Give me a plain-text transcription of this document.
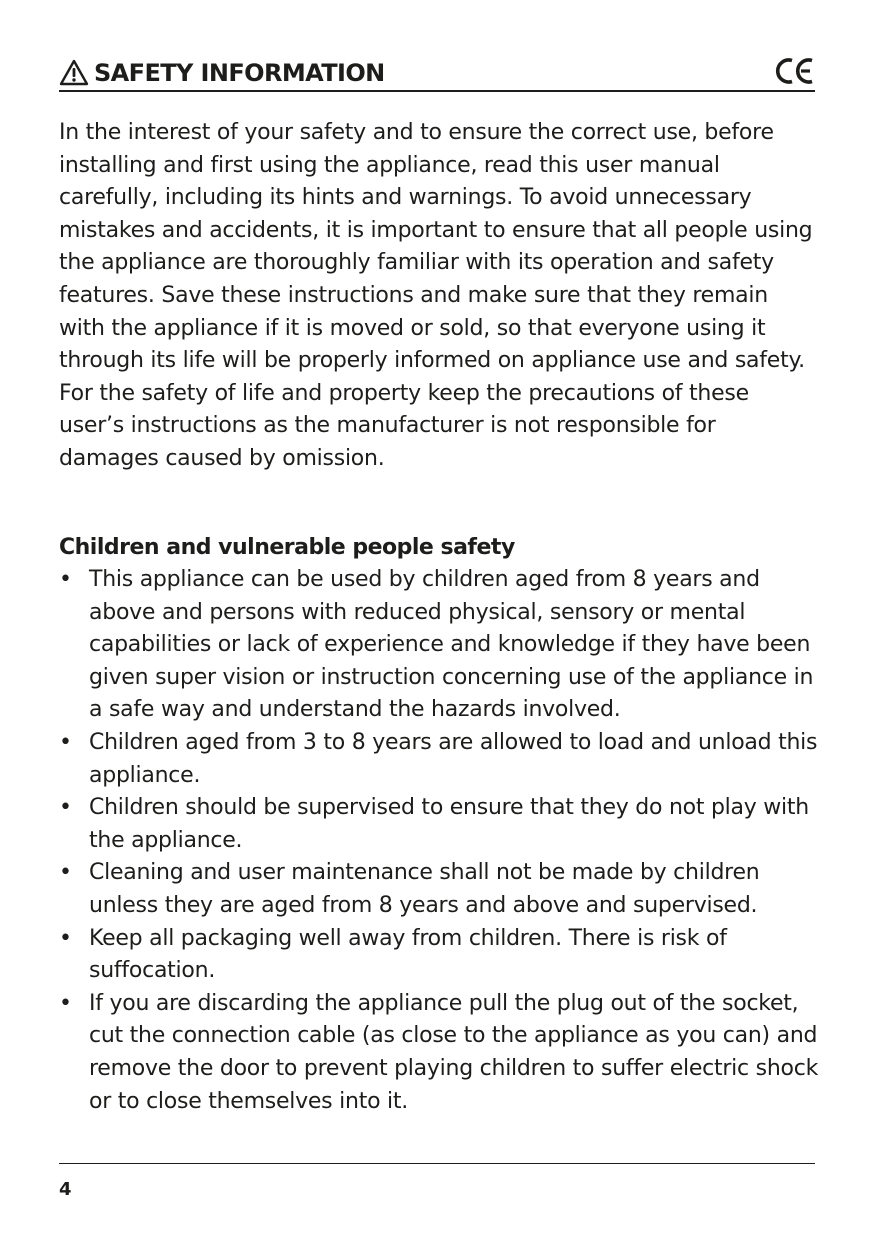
SAFETY INFORMATION

In the interest of your safety and to ensure the correct use, before installing and first using the appliance, read this user manual carefully, including its hints and warnings. To avoid unnecessary mistakes and accidents, it is important to ensure that all people using the appliance are thoroughly familiar with its operation and safety features. Save these instructions and make sure that they remain with the appliance if it is moved or sold, so that everyone using it through its life will be properly informed on appliance use and safety.

For the safety of life and property keep the precautions of these user’s instructions as the manufacturer is not responsible for damages caused by omission.

Children and vulnerable people safety
• This appliance can be used by children aged from 8 years and above and persons with reduced physical, sensory or mental capabilities or lack of experience and knowledge if they have been given super vision or instruction concerning use of the appliance in a safe way and understand the hazards involved.
• Children aged from 3 to 8 years are allowed to load and unload this appliance.
• Children should be supervised to ensure that they do not play with the appliance.
• Cleaning and user maintenance shall not be made by children unless they are aged from 8 years and above and supervised.
• Keep all packaging well away from children. There is risk of suffocation.
• If you are discarding the appliance pull the plug out of the socket, cut the connection cable (as close to the appliance as you can) and remove the door to prevent playing children to suffer electric shock or to close themselves into it.
4
